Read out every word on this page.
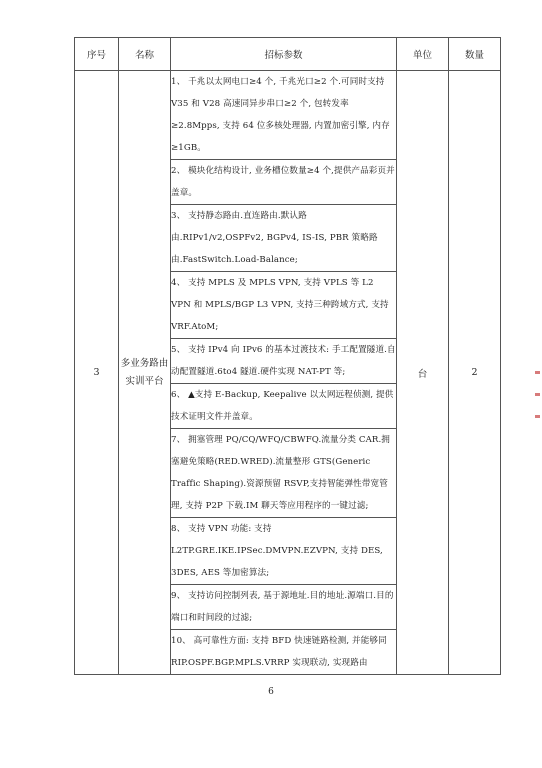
序号	名称	招标参数	单位	数量
3	多业务路由实训平台	1、 千兆以太网电口≥4 个, 千兆光口≥2 个.可同时支持 V35 和 V28 高速同异步串口≥2 个, 包转发率≥2.8Mpps, 支持 64 位多核处理器, 内置加密引擎, 内存≥1GB。	台	2
		2、 模块化结构设计, 业务槽位数量≥4 个,提供产品彩页并盖章。		
		3、 支持静态路由.直连路由.默认路由.RIPv1/v2,OSPFv2, BGPv4, IS-IS, PBR 策略路由.FastSwitch.Load-Balance;		
		4、 支持 MPLS 及 MPLS VPN, 支持 VPLS 等 L2 VPN 和 MPLS/BGP L3 VPN, 支持三种跨域方式, 支持 VRF.AtoM;		
		5、 支持 IPv4 向 IPv6 的基本过渡技术: 手工配置隧道.自动配置隧道.6to4 隧道.硬件实现 NAT-PT 等;		
		6、 ▲支持 E-Backup, Keepalive 以太网远程侦测, 提供技术证明文件并盖章。		
		7、 拥塞管理 PQ/CQ/WFQ/CBWFQ.流量分类 CAR.拥塞避免策略(RED.WRED).流量整形 GTS(Generic Traffic Shaping).资源预留 RSVP,支持智能弹性带宽管理, 支持 P2P 下载.IM 聊天等应用程序的一键过滤;		
		8、 支持 VPN 功能: 支持 L2TP.GRE.IKE.IPSec.DMVPN.EZVPN, 支持 DES, 3DES, AES 等加密算法;		
		9、 支持访问控制列表, 基于源地址.目的地址.源端口.目的端口和时间段的过滤;		
		10、 高可靠性方面: 支持 BFD 快速链路检测, 并能够同 RIP.OSPF.BGP.MPLS.VRRP 实现联动, 实现路由		
6
